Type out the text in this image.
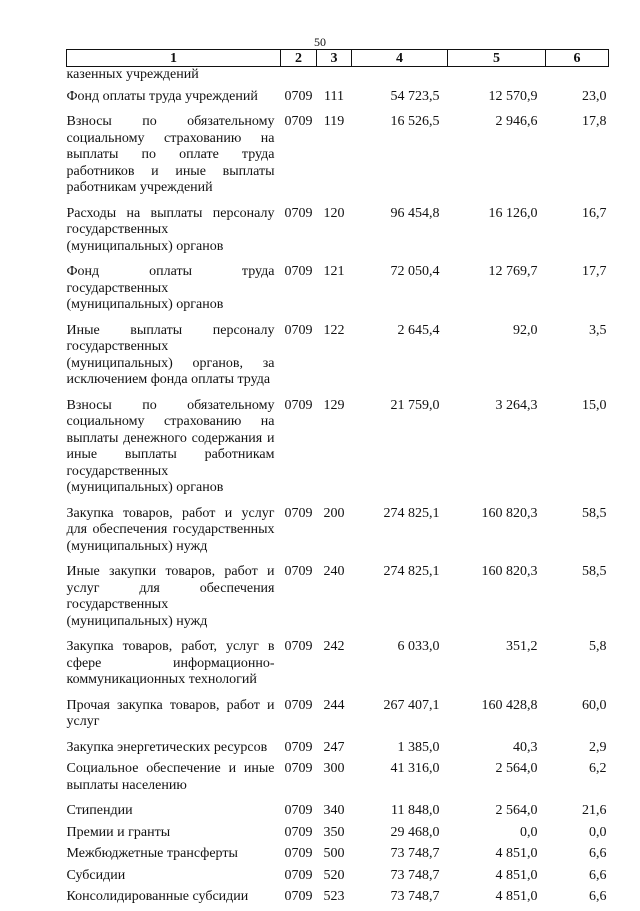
50
1	2	3	4	5	6
казенных учреждений					
Фонд оплаты труда учреждений	0709	111	54 723,5	12 570,9	23,0
Взносы по обязательному социальному страхованию на выплаты по оплате труда работников и иные выплаты работникам учреждений	0709	119	16 526,5	2 946,6	17,8
Расходы на выплаты персоналу государственных (муниципальных) органов	0709	120	96 454,8	16 126,0	16,7
Фонд оплаты труда государственных (муниципальных) органов	0709	121	72 050,4	12 769,7	17,7
Иные выплаты персоналу государственных (муниципальных) органов, за исключением фонда оплаты труда	0709	122	2 645,4	92,0	3,5
Взносы по обязательному социальному страхованию на выплаты денежного содержания и иные выплаты работникам государственных (муниципальных) органов	0709	129	21 759,0	3 264,3	15,0
Закупка товаров, работ и услуг для обеспечения государственных (муниципальных) нужд	0709	200	274 825,1	160 820,3	58,5
Иные закупки товаров, работ и услуг для обеспечения государственных (муниципальных) нужд	0709	240	274 825,1	160 820,3	58,5
Закупка товаров, работ, услуг в сфере информационно-коммуникационных технологий	0709	242	6 033,0	351,2	5,8
Прочая закупка товаров, работ и услуг	0709	244	267 407,1	160 428,8	60,0
Закупка энергетических ресурсов	0709	247	1 385,0	40,3	2,9
Социальное обеспечение и иные выплаты населению	0709	300	41 316,0	2 564,0	6,2
Стипендии	0709	340	11 848,0	2 564,0	21,6
Премии и гранты	0709	350	29 468,0	0,0	0,0
Межбюджетные трансферты	0709	500	73 748,7	4 851,0	6,6
Субсидии	0709	520	73 748,7	4 851,0	6,6
Консолидированные субсидии	0709	523	73 748,7	4 851,0	6,6
